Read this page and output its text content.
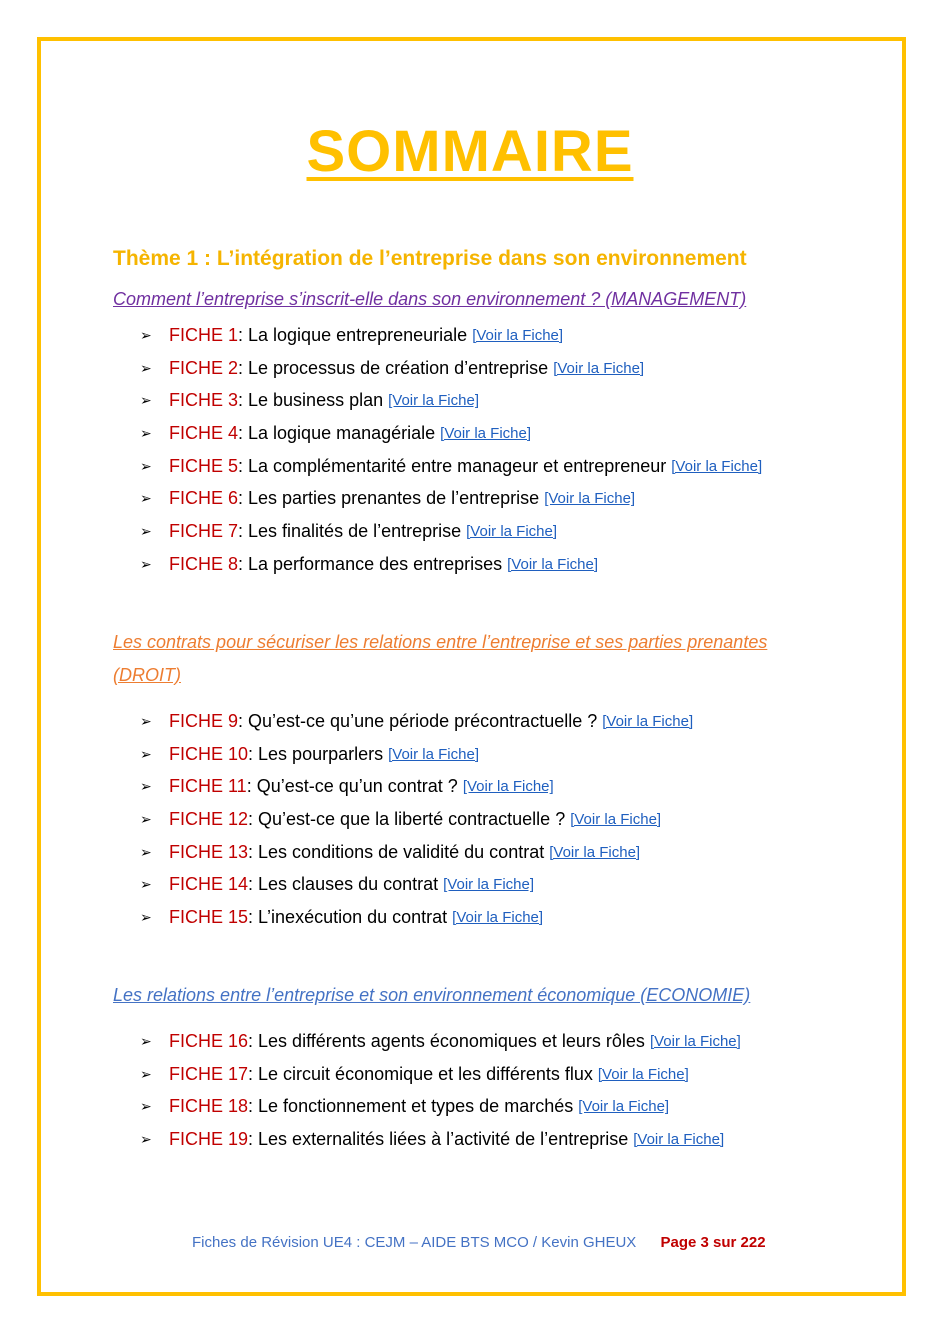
SOMMAIRE
Thème 1 : L’intégration de l’entreprise dans son environnement
Comment l’entreprise s’inscrit-elle dans son environnement ? (MANAGEMENT)
➢ FICHE 1 : La logique entrepreneuriale [Voir la Fiche]
➢ FICHE 2 : Le processus de création d’entreprise [Voir la Fiche]
➢ FICHE 3 : Le business plan [Voir la Fiche]
➢ FICHE 4 : La logique managériale [Voir la Fiche]
➢ FICHE 5 : La complémentarité entre manageur et entrepreneur [Voir la Fiche]
➢ FICHE 6 : Les parties prenantes de l’entreprise [Voir la Fiche]
➢ FICHE 7 : Les finalités de l’entreprise [Voir la Fiche]
➢ FICHE 8 : La performance des entreprises [Voir la Fiche]
Les contrats pour sécuriser les relations entre l’entreprise et ses parties prenantes (DROIT)
➢ FICHE 9 : Qu’est-ce qu’une période précontractuelle ? [Voir la Fiche]
➢ FICHE 10 : Les pourparlers [Voir la Fiche]
➢ FICHE 11 : Qu’est-ce qu’un contrat ? [Voir la Fiche]
➢ FICHE 12 : Qu’est-ce que la liberté contractuelle ? [Voir la Fiche]
➢ FICHE 13 : Les conditions de validité du contrat [Voir la Fiche]
➢ FICHE 14 : Les clauses du contrat [Voir la Fiche]
➢ FICHE 15 : L’inexécution du contrat [Voir la Fiche]
Les relations entre l’entreprise et son environnement économique (ECONOMIE)
➢ FICHE 16 : Les différents agents économiques et leurs rôles [Voir la Fiche]
➢ FICHE 17 : Le circuit économique et les différents flux [Voir la Fiche]
➢ FICHE 18 : Le fonctionnement et types de marchés [Voir la Fiche]
➢ FICHE 19 : Les externalités liées à l’activité de l’entreprise [Voir la Fiche]
Fiches de Révision UE4 : CEJM – AIDE BTS MCO / Kevin GHEUX Page 3 sur 222
